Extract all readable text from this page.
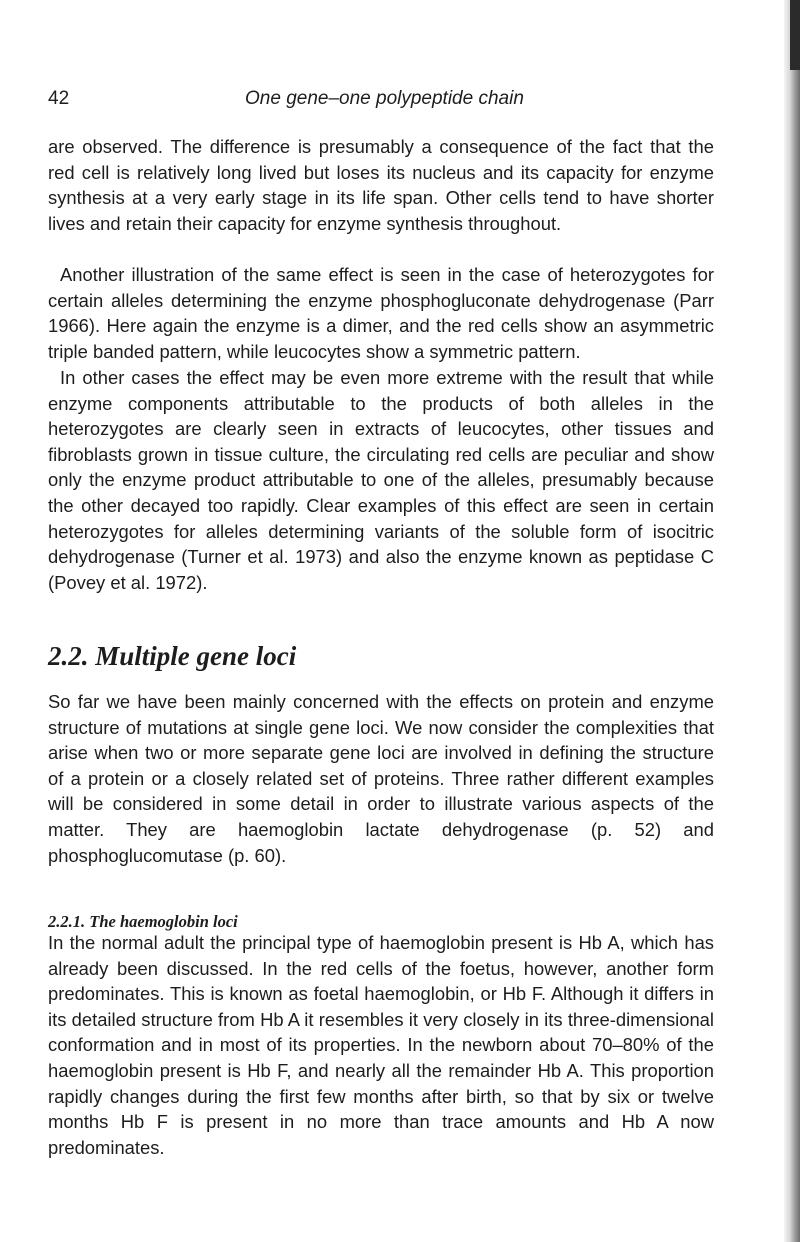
42	One gene–one polypeptide chain

are observed. The difference is presumably a consequence of the fact that the red cell is relatively long lived but loses its nucleus and its capacity for enzyme synthesis at a very early stage in its life span. Other cells tend to have shorter lives and retain their capacity for enzyme synthesis throughout.

Another illustration of the same effect is seen in the case of heterozygotes for certain alleles determining the enzyme phosphogluconate dehydrogenase (Parr 1966). Here again the enzyme is a dimer, and the red cells show an asymmetric triple banded pattern, while leucocytes show a symmetric pattern.

In other cases the effect may be even more extreme with the result that while enzyme components attributable to the products of both alleles in the heterozygotes are clearly seen in extracts of leucocytes, other tissues and fibroblasts grown in tissue culture, the circulating red cells are peculiar and show only the enzyme product attributable to one of the alleles, presumably because the other decayed too rapidly. Clear examples of this effect are seen in certain heterozygotes for alleles determining variants of the soluble form of isocitric dehydrogenase (Turner et al. 1973) and also the enzyme known as peptidase C (Povey et al. 1972).

2.2. Multiple gene loci

So far we have been mainly concerned with the effects on protein and enzyme structure of mutations at single gene loci. We now consider the complexities that arise when two or more separate gene loci are involved in defining the structure of a protein or a closely related set of proteins. Three rather different examples will be considered in some detail in order to illustrate various aspects of the matter. They are haemoglobin lactate dehydrogenase (p. 52) and phosphoglucomutase (p. 60).

2.2.1. The haemoglobin loci

In the normal adult the principal type of haemoglobin present is Hb A, which has already been discussed. In the red cells of the foetus, however, another form predominates. This is known as foetal haemoglobin, or Hb F. Although it differs in its detailed structure from Hb A it resembles it very closely in its three-dimensional conformation and in most of its properties. In the newborn about 70–80% of the haemoglobin present is Hb F, and nearly all the remainder Hb A. This proportion rapidly changes during the first few months after birth, so that by six or twelve months Hb F is present in no more than trace amounts and Hb A now predominates.
